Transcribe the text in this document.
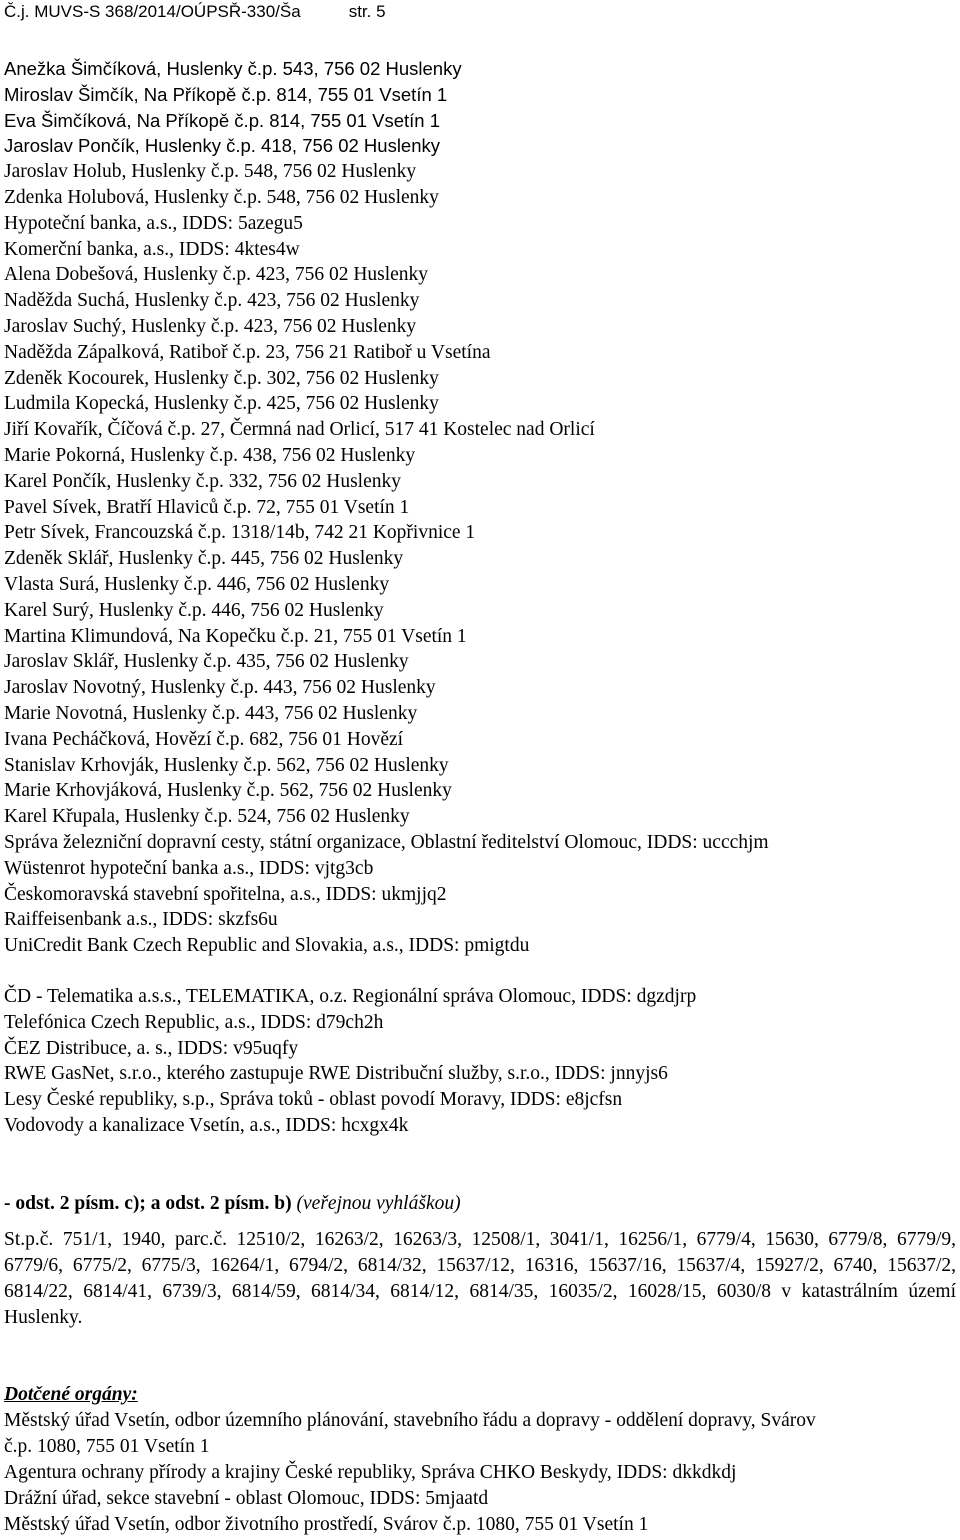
Č.j. MUVS-S 368/2014/OÚPSŘ-330/Ša	str. 5
Anežka Šimčíková, Huslenky č.p. 543, 756 02 Huslenky
Miroslav Šimčík, Na Příkopě č.p. 814, 755 01 Vsetín 1
Eva Šimčíková, Na Příkopě č.p. 814, 755 01 Vsetín 1
Jaroslav Pončík, Huslenky č.p. 418, 756 02 Huslenky
Jaroslav Holub, Huslenky č.p. 548, 756 02 Huslenky
Zdenka Holubová, Huslenky č.p. 548, 756 02 Huslenky
Hypoteční banka, a.s., IDDS: 5azegu5
Komerční banka, a.s., IDDS: 4ktes4w
Alena Dobešová, Huslenky č.p. 423, 756 02 Huslenky
Naděžda Suchá, Huslenky č.p. 423, 756 02 Huslenky
Jaroslav Suchý, Huslenky č.p. 423, 756 02 Huslenky
Naděžda Zápalková, Ratiboř č.p. 23, 756 21 Ratiboř u Vsetína
Zdeněk Kocourek, Huslenky č.p. 302, 756 02 Huslenky
Ludmila Kopecká, Huslenky č.p. 425, 756 02 Huslenky
Jiří Kovařík, Číčová č.p. 27, Čermná nad Orlicí, 517 41 Kostelec nad Orlicí
Marie Pokorná, Huslenky č.p. 438, 756 02 Huslenky
Karel Pončík, Huslenky č.p. 332, 756 02 Huslenky
Pavel Sívek, Bratří Hlaviců č.p. 72, 755 01 Vsetín 1
Petr Sívek, Francouzská č.p. 1318/14b, 742 21 Kopřivnice 1
Zdeněk Sklář, Huslenky č.p. 445, 756 02 Huslenky
Vlasta Surá, Huslenky č.p. 446, 756 02 Huslenky
Karel Surý, Huslenky č.p. 446, 756 02 Huslenky
Martina Klimundová, Na Kopečku č.p. 21, 755 01 Vsetín 1
Jaroslav Sklář, Huslenky č.p. 435, 756 02 Huslenky
Jaroslav Novotný, Huslenky č.p. 443, 756 02 Huslenky
Marie Novotná, Huslenky č.p. 443, 756 02 Huslenky
Ivana Pecháčková, Hovězí č.p. 682, 756 01 Hovězí
Stanislav Krhovják, Huslenky č.p. 562, 756 02 Huslenky
Marie Krhovjáková, Huslenky č.p. 562, 756 02 Huslenky
Karel Křupala, Huslenky č.p. 524, 756 02 Huslenky
Správa železniční dopravní cesty, státní organizace, Oblastní ředitelství Olomouc, IDDS: uccchjm
Wüstenrot hypoteční banka a.s., IDDS: vjtg3cb
Českomoravská stavební spořitelna, a.s., IDDS: ukmjjq2
Raiffeisenbank a.s., IDDS: skzfs6u
UniCredit Bank Czech Republic and Slovakia, a.s., IDDS: pmigtdu
ČD - Telematika a.s.s., TELEMATIKA, o.z. Regionální správa Olomouc, IDDS: dgzdjrp
Telefónica Czech Republic, a.s., IDDS: d79ch2h
ČEZ Distribuce, a. s., IDDS: v95uqfy
RWE GasNet, s.r.o., kterého zastupuje RWE Distribuční služby, s.r.o., IDDS: jnnyjs6
Lesy České republiky, s.p., Správa toků - oblast povodí Moravy, IDDS: e8jcfsn
Vodovody a kanalizace Vsetín, a.s., IDDS: hcxgx4k
- odst. 2 písm. c); a odst. 2 písm. b) (veřejnou vyhláškou)
St.p.č. 751/1, 1940, parc.č. 12510/2, 16263/2, 16263/3, 12508/1, 3041/1, 16256/1, 6779/4, 15630, 6779/8, 6779/9, 6779/6, 6775/2, 6775/3, 16264/1, 6794/2, 6814/32, 15637/12, 16316, 15637/16, 15637/4, 15927/2, 6740, 15637/2, 6814/22, 6814/41, 6739/3, 6814/59, 6814/34, 6814/12, 6814/35, 16035/2, 16028/15, 6030/8 v katastrálním území Huslenky.
Dotčené orgány:
Městský úřad Vsetín, odbor územního plánování, stavebního řádu a dopravy - oddělení dopravy, Svárov
č.p. 1080, 755 01 Vsetín 1
Agentura ochrany přírody a krajiny České republiky, Správa CHKO Beskydy, IDDS: dkkdkdj
Drážní úřad, sekce stavební - oblast Olomouc, IDDS: 5mjaatd
Městský úřad Vsetín, odbor životního prostředí, Svárov č.p. 1080, 755 01 Vsetín 1
